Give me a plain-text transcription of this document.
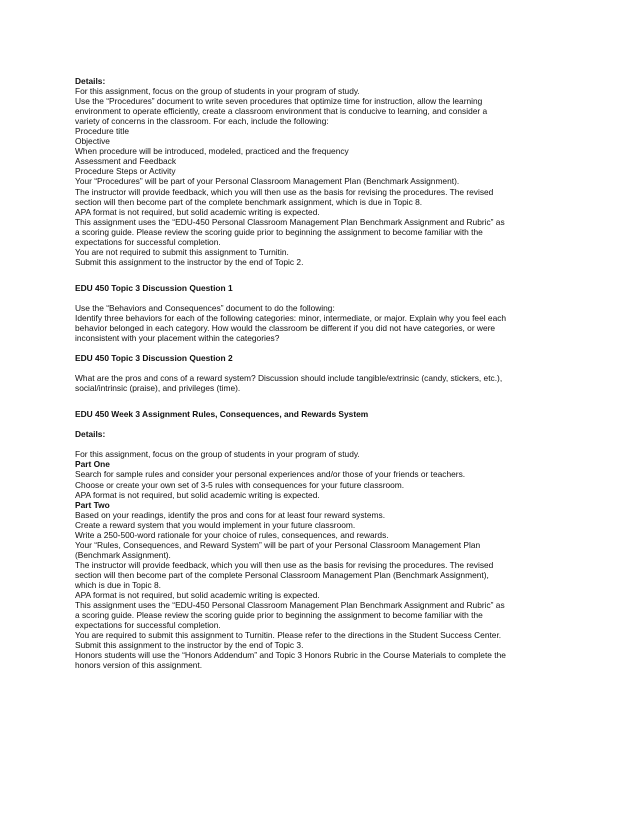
Details:
For this assignment, focus on the group of students in your program of study.
Use the “Procedures” document to write seven procedures that optimize time for instruction, allow the learning
environment to operate efficiently, create a classroom environment that is conducive to learning, and consider a
variety of concerns in the classroom. For each, include the following:
Procedure title
Objective
When procedure will be introduced, modeled, practiced and the frequency
Assessment and Feedback
Procedure Steps or Activity
Your “Procedures” will be part of your Personal Classroom Management Plan (Benchmark Assignment).
The instructor will provide feedback, which you will then use as the basis for revising the procedures. The revised
section will then become part of the complete benchmark assignment, which is due in Topic 8.
APA format is not required, but solid academic writing is expected.
This assignment uses the “EDU-450 Personal Classroom Management Plan Benchmark Assignment and Rubric” as
a scoring guide. Please review the scoring guide prior to beginning the assignment to become familiar with the
expectations for successful completion.
You are not required to submit this assignment to Turnitin.
Submit this assignment to the instructor by the end of Topic 2.
EDU 450 Topic 3 Discussion Question 1
Use the “Behaviors and Consequences” document to do the following:
Identify three behaviors for each of the following categories: minor, intermediate, or major. Explain why you feel each
behavior belonged in each category. How would the classroom be different if you did not have categories, or were
inconsistent with your placement within the categories?
EDU 450 Topic 3 Discussion Question 2
What are the pros and cons of a reward system? Discussion should include tangible/extrinsic (candy, stickers, etc.),
social/intrinsic (praise), and privileges (time).
EDU 450 Week 3 Assignment Rules, Consequences, and Rewards System
Details:
For this assignment, focus on the group of students in your program of study.
Part One
Search for sample rules and consider your personal experiences and/or those of your friends or teachers.
Choose or create your own set of 3-5 rules with consequences for your future classroom.
APA format is not required, but solid academic writing is expected.
Part Two
Based on your readings, identify the pros and cons for at least four reward systems.
Create a reward system that you would implement in your future classroom.
Write a 250-500-word rationale for your choice of rules, consequences, and rewards.
Your “Rules, Consequences, and Reward System” will be part of your Personal Classroom Management Plan
(Benchmark Assignment).
The instructor will provide feedback, which you will then use as the basis for revising the procedures. The revised
section will then become part of the complete Personal Classroom Management Plan (Benchmark Assignment),
which is due in Topic 8.
APA format is not required, but solid academic writing is expected.
This assignment uses the “EDU-450 Personal Classroom Management Plan Benchmark Assignment and Rubric” as
a scoring guide. Please review the scoring guide prior to beginning the assignment to become familiar with the
expectations for successful completion.
You are required to submit this assignment to Turnitin. Please refer to the directions in the Student Success Center.
Submit this assignment to the instructor by the end of Topic 3.
Honors students will use the “Honors Addendum” and Topic 3 Honors Rubric in the Course Materials to complete the
honors version of this assignment.
